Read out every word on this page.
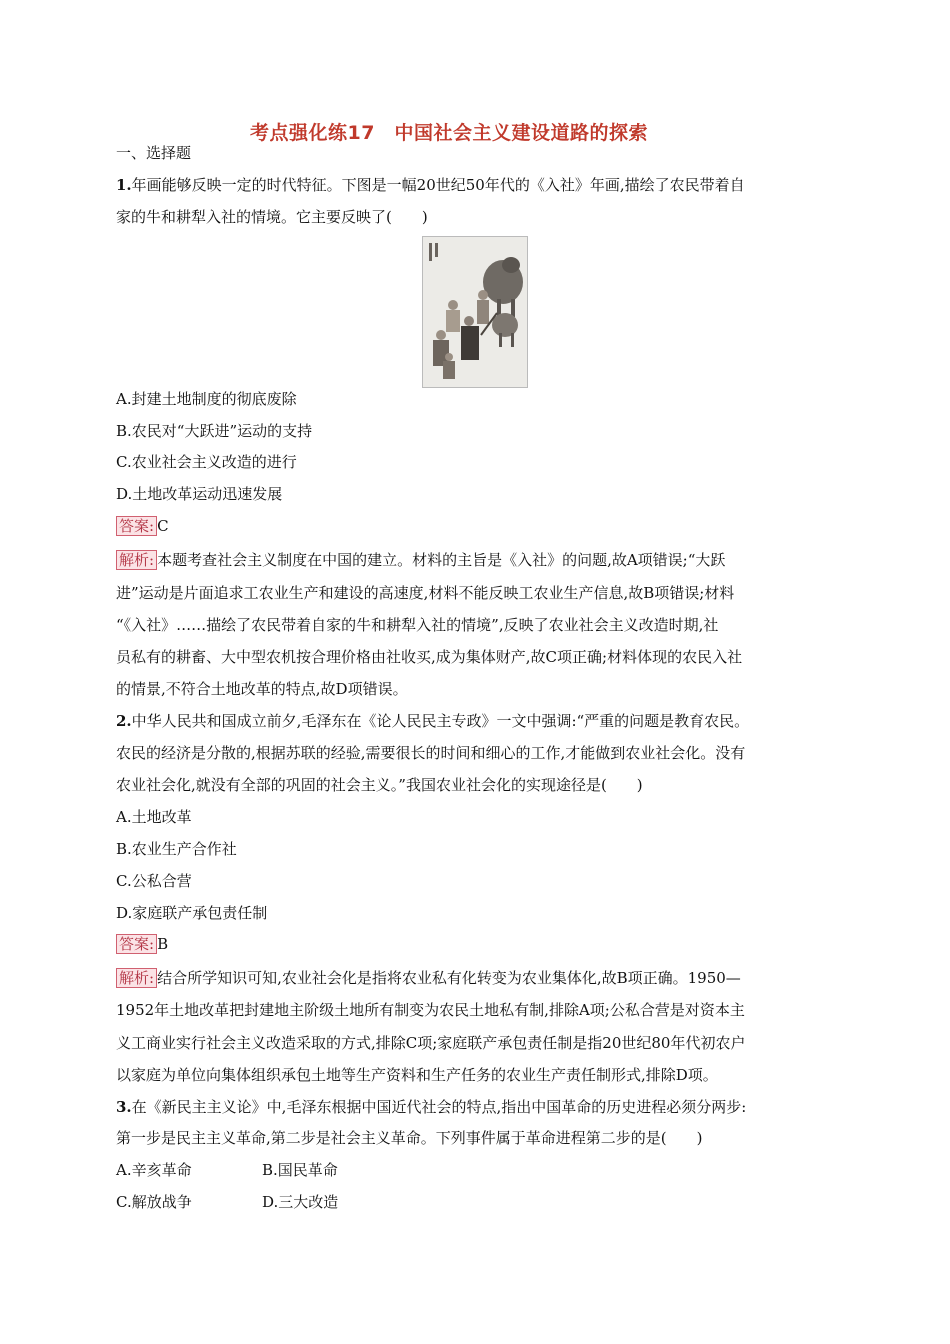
考点强化练17　中国社会主义建设道路的探索
一、选择题
1.年画能够反映一定的时代特征。下图是一幅20世纪50年代的《入社》年画,描绘了农民带着自
家的牛和耕犁入社的情境。它主要反映了(　　)
A.封建土地制度的彻底废除
B.农民对“大跃进”运动的支持
C.农业社会主义改造的进行
D.土地改革运动迅速发展
答案: C
解析: 本题考查社会主义制度在中国的建立。材料的主旨是《入社》的问题,故A项错误;“大跃
进”运动是片面追求工农业生产和建设的高速度,材料不能反映工农业生产信息,故B项错误;材料
“《入社》……描绘了农民带着自家的牛和耕犁入社的情境”,反映了农业社会主义改造时期,社
员私有的耕畜、大中型农机按合理价格由社收买,成为集体财产,故C项正确;材料体现的农民入社
的情景,不符合土地改革的特点,故D项错误。
2.中华人民共和国成立前夕,毛泽东在《论人民民主专政》一文中强调:“严重的问题是教育农民。
农民的经济是分散的,根据苏联的经验,需要很长的时间和细心的工作,才能做到农业社会化。没有
农业社会化,就没有全部的巩固的社会主义。”我国农业社会化的实现途径是(　　)
A.土地改革
B.农业生产合作社
C.公私合营
D.家庭联产承包责任制
答案: B
解析: 结合所学知识可知,农业社会化是指将农业私有化转变为农业集体化,故B项正确。1950—
1952年土地改革把封建地主阶级土地所有制变为农民土地私有制,排除A项;公私合营是对资本主
义工商业实行社会主义改造采取的方式,排除C项;家庭联产承包责任制是指20世纪80年代初农户
以家庭为单位向集体组织承包土地等生产资料和生产任务的农业生产责任制形式,排除D项。
3.在《新民主主义论》中,毛泽东根据中国近代社会的特点,指出中国革命的历史进程必须分两步:
第一步是民主主义革命,第二步是社会主义革命。下列事件属于革命进程第二步的是(　　)
A.辛亥革命	B.国民革命
C.解放战争	D.三大改造
